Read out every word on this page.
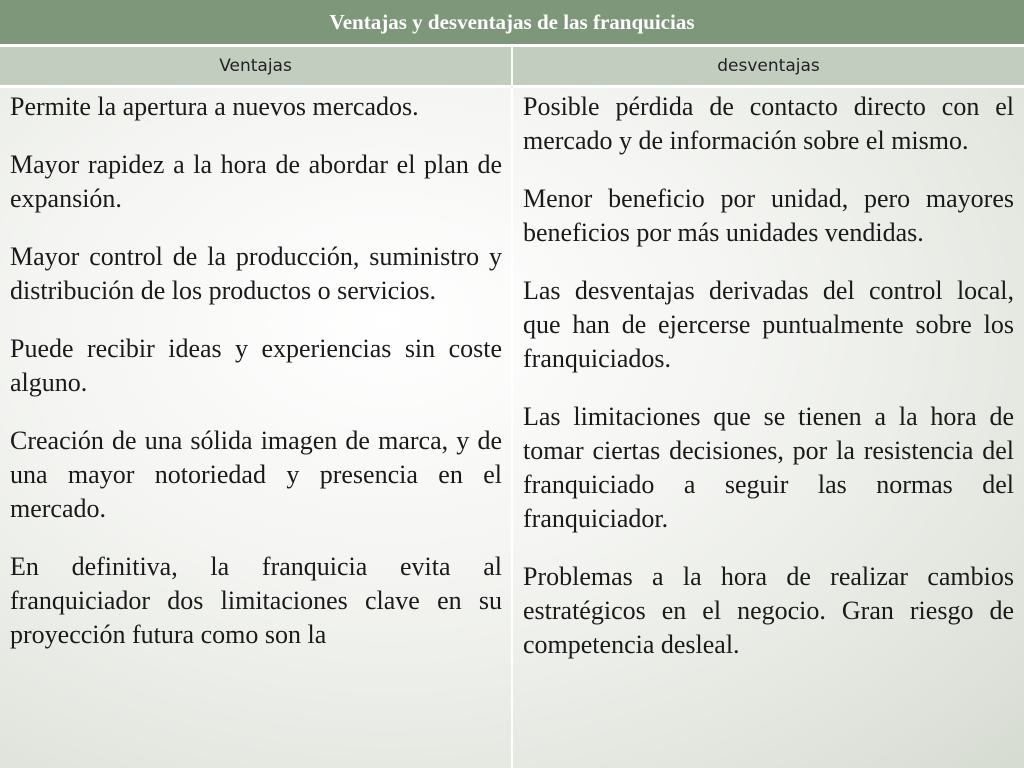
Ventajas y desventajas de las franquicias
Ventajas	desventajas

Permite la apertura a nuevos mercados.

Mayor rapidez a la hora de abordar el plan de expansión.

Mayor control de la producción, suministro y distribución de los productos o servicios.

Puede recibir ideas y experiencias sin coste alguno.

Creación de una sólida imagen de marca, y de una mayor notoriedad y presencia en el mercado.

En definitiva, la franquicia evita al franquiciador dos limitaciones clave en su proyección futura como son la

Posible pérdida de contacto directo con el mercado y de información sobre el mismo.

Menor beneficio por unidad, pero mayores beneficios por más unidades vendidas.

Las desventajas derivadas del control local, que han de ejercerse puntualmente sobre los franquiciados.

Las limitaciones que se tienen a la hora de tomar ciertas decisiones, por la resistencia del franquiciado a seguir las normas del franquiciador.

Problemas a la hora de realizar cambios estratégicos en el negocio. Gran riesgo de competencia desleal.
